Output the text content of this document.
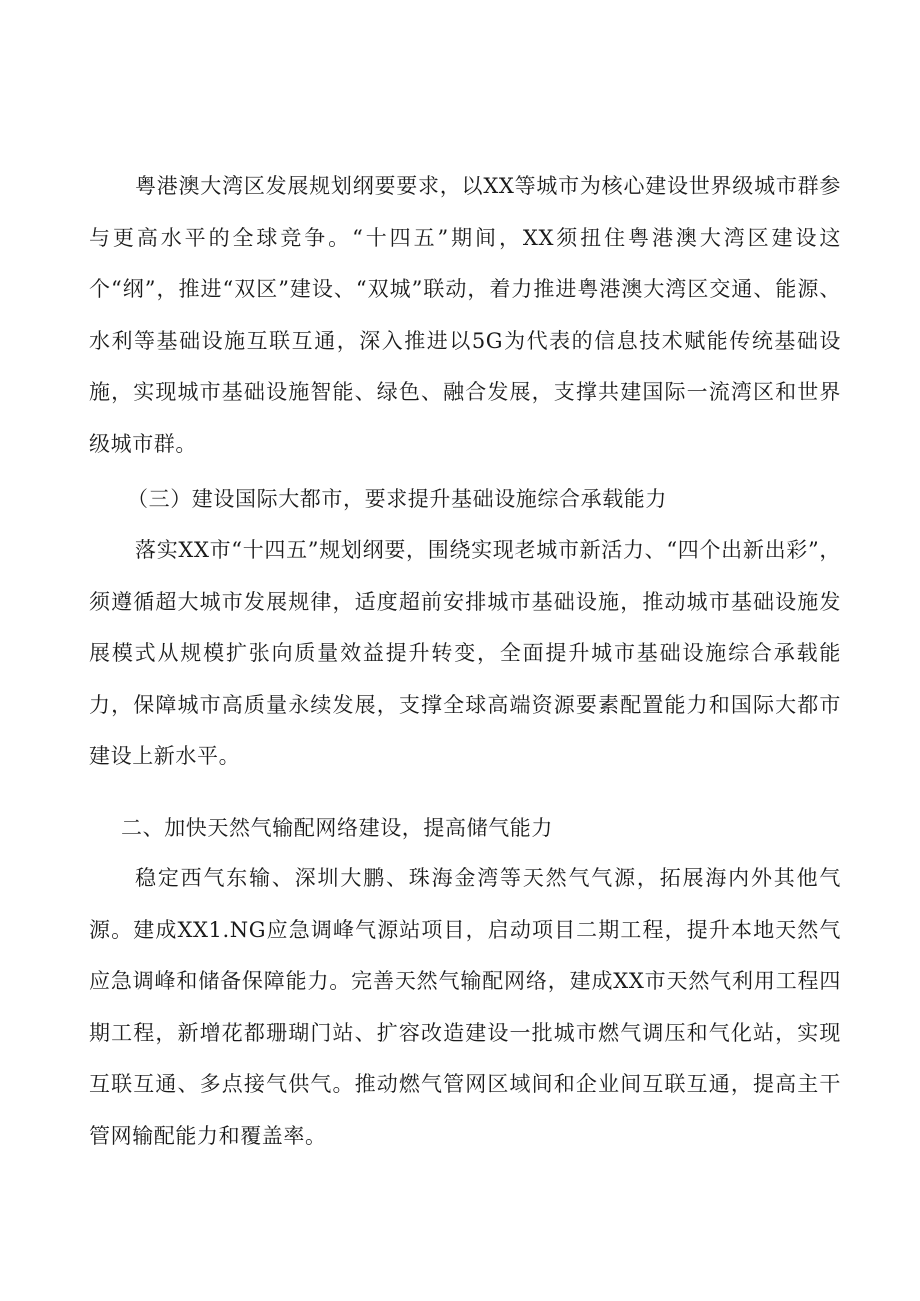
粤港澳大湾区发展规划纲要要求，以XX等城市为核心建设世界级城市群参与更高水平的全球竞争。“十四五”期间，XX须扭住粤港澳大湾区建设这个“纲”，推进“双区”建设、“双城”联动，着力推进粤港澳大湾区交通、能源、水利等基础设施互联互通，深入推进以5G为代表的信息技术赋能传统基础设施，实现城市基础设施智能、绿色、融合发展，支撑共建国际一流湾区和世界级城市群。

（三）建设国际大都市，要求提升基础设施综合承载能力

落实XX市“十四五”规划纲要，围绕实现老城市新活力、“四个出新出彩”，须遵循超大城市发展规律，适度超前安排城市基础设施，推动城市基础设施发展模式从规模扩张向质量效益提升转变，全面提升城市基础设施综合承载能力，保障城市高质量永续发展，支撑全球高端资源要素配置能力和国际大都市建设上新水平。

二、加快天然气输配网络建设，提高储气能力

稳定西气东输、深圳大鹏、珠海金湾等天然气气源，拓展海内外其他气源。建成XX1.NG应急调峰气源站项目，启动项目二期工程，提升本地天然气应急调峰和储备保障能力。完善天然气输配网络，建成XX市天然气利用工程四期工程，新增花都珊瑚门站、扩容改造建设一批城市燃气调压和气化站，实现互联互通、多点接气供气。推动燃气管网区域间和企业间互联互通，提高主干管网输配能力和覆盖率。
